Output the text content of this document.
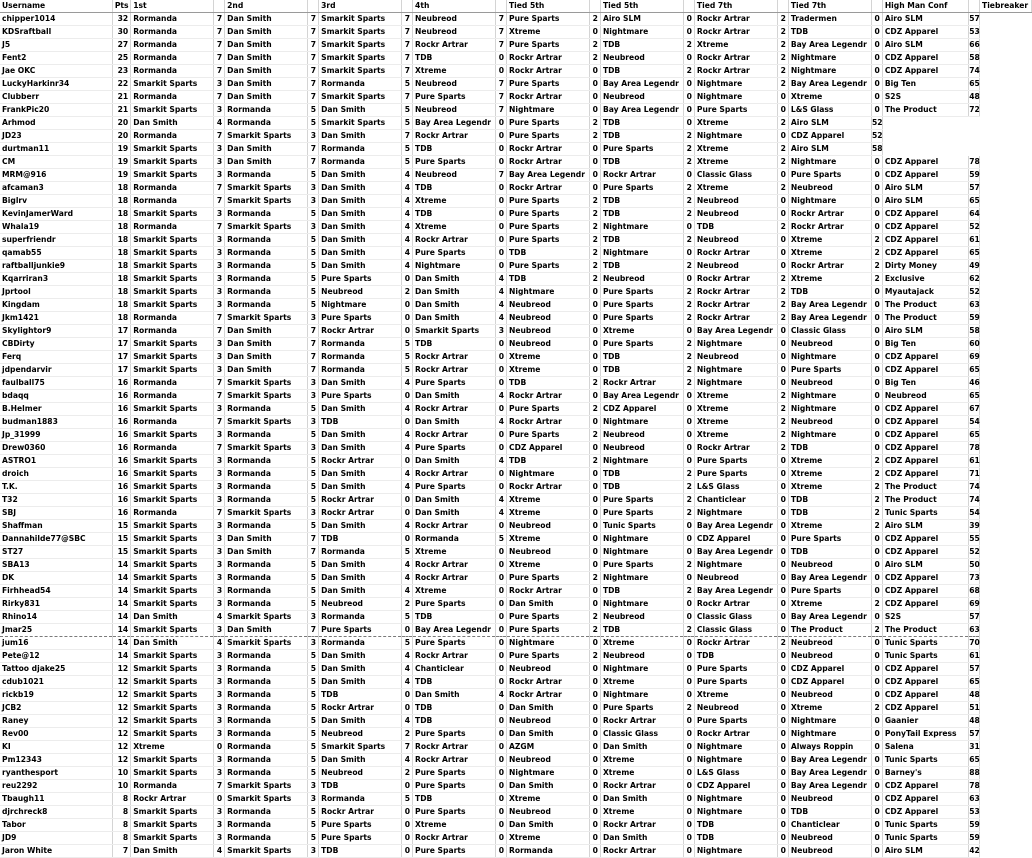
Username	Pts	1st		2nd		3rd		4th		Tied 5th		Tied 5th		Tied 7th		Tied 7th		High Man Conf		Tiebreaker
chipper1014	32	Rormanda	7	Dan Smith	7	Smarkit Sparts	7	Neubreod	7	Pure Sparts	2	Airo SLM	0	Rockr Artrar	2	Tradermen	0	Airo SLM	57	
KDSraftball	30	Rormanda	7	Dan Smith	7	Smarkit Sparts	7	Neubreod	7	Xtreme	0	Nightmare	0	Rockr Artrar	2	TDB	0	CDZ Apparel	53	
J5	27	Rormanda	7	Dan Smith	7	Smarkit Sparts	7	Rockr Artrar	7	Pure Sparts	2	TDB	2	Xtreme	2	Bay Area Legendr	0	Airo SLM	66	
Fent2	25	Rormanda	7	Dan Smith	7	Smarkit Sparts	7	TDB	0	Rockr Artrar	2	Neubreod	0	Rockr Artrar	2	Nightmare	0	CDZ Apparel	58	
Jae OKC	23	Rormanda	7	Dan Smith	7	Smarkit Sparts	7	Xtreme	0	Rockr Artrar	0	TDB	2	Rockr Artrar	2	Nightmare	0	CDZ Apparel	74	
LuckyHarkinr34	22	Smarkit Sparts	3	Dan Smith	7	Rormanda	5	Neubreod	7	Pure Sparts	0	Bay Area Legendr	0	Nightmare	2	Bay Area Legendr	0	Big Ten	65	
Clubberr	21	Rormanda	7	Dan Smith	7	Smarkit Sparts	7	Pure Sparts	7	Rockr Artrar	0	Neubreod	0	Nightmare	0	Xtreme	0	S2S	48	
FrankPic20	21	Smarkit Sparts	3	Rormanda	5	Dan Smith	5	Neubreod	7	Nightmare	0	Bay Area Legendr	0	Pure Sparts	0	L&S Glass	0	The Product	72	
Arhmod	20	Dan Smith	4	Rormanda	5	Smarkit Sparts	5	Bay Area Legendr	0	Pure Sparts	2	TDB	0	Xtreme	2	Airo SLM	52			
JD23	20	Rormanda	7	Smarkit Sparts	3	Dan Smith	7	Rockr Artrar	0	Pure Sparts	2	TDB	2	Nightmare	0	CDZ Apparel	52			
durtman11	19	Smarkit Sparts	3	Dan Smith	7	Rormanda	5	TDB	0	Rockr Artrar	0	Pure Sparts	2	Xtreme	2	Airo SLM	58			
CM	19	Smarkit Sparts	3	Dan Smith	7	Rormanda	5	Pure Sparts	0	Rockr Artrar	0	TDB	2	Xtreme	2	Nightmare	0	CDZ Apparel	78	
MRM@916	19	Smarkit Sparts	3	Rormanda	5	Dan Smith	4	Neubreod	7	Bay Area Legendr	0	Rockr Artrar	0	Classic Glass	0	Pure Sparts	0	CDZ Apparel	59	
afcaman3	18	Rormanda	7	Smarkit Sparts	3	Dan Smith	4	TDB	0	Rockr Artrar	0	Pure Sparts	2	Xtreme	2	Neubreod	0	Airo SLM	57	
Biglrv	18	Rormanda	7	Smarkit Sparts	3	Dan Smith	4	Xtreme	0	Pure Sparts	2	TDB	2	Neubreod	0	Nightmare	0	Airo SLM	65	
KevinJamerWard	18	Smarkit Sparts	3	Rormanda	5	Dan Smith	4	TDB	0	Pure Sparts	2	TDB	2	Neubreod	0	Rockr Artrar	0	CDZ Apparel	64	
Whala19	18	Rormanda	7	Smarkit Sparts	3	Dan Smith	4	Xtreme	0	Pure Sparts	2	Nightmare	0	TDB	2	Rockr Artrar	0	CDZ Apparel	52	
superfriendr	18	Smarkit Sparts	3	Rormanda	5	Dan Smith	4	Rockr Artrar	0	Pure Sparts	2	TDB	2	Neubreod	0	Xtreme	2	CDZ Apparel	61	
qamab55	18	Smarkit Sparts	3	Rormanda	5	Dan Smith	4	Pure Sparts	0	TDB	2	Nightmare	0	Rockr Artrar	0	Xtreme	2	CDZ Apparel	65	
raftballjunkie9	18	Smarkit Sparts	3	Rormanda	5	Dan Smith	4	Nightmare	0	Pure Sparts	2	TDB	2	Neubreod	0	Rockr Artrar	2	Dirty Money	49	
Kqarriran3	18	Smarkit Sparts	3	Rormanda	5	Pure Sparts	0	Dan Smith	4	TDB	2	Neubreod	0	Rockr Artrar	2	Xtreme	2	Exclusive	62	
Jprtool	18	Smarkit Sparts	3	Rormanda	5	Neubreod	2	Dan Smith	4	Nightmare	0	Pure Sparts	2	Rockr Artrar	2	TDB	0	Myautajack	52	
Kingdam	18	Smarkit Sparts	3	Rormanda	5	Nightmare	0	Dan Smith	4	Neubreod	0	Pure Sparts	2	Rockr Artrar	2	Bay Area Legendr	0	The Product	63	
Jkm1421	18	Rormanda	7	Smarkit Sparts	3	Pure Sparts	0	Dan Smith	4	Neubreod	0	Pure Sparts	2	Rockr Artrar	2	Bay Area Legendr	0	The Product	59	
Skylightor9	17	Rormanda	7	Dan Smith	7	Rockr Artrar	0	Smarkit Sparts	3	Neubreod	0	Xtreme	0	Bay Area Legendr	0	Classic Glass	0	Airo SLM	58	
CBDirty	17	Smarkit Sparts	3	Dan Smith	7	Rormanda	5	TDB	0	Neubreod	0	Pure Sparts	2	Nightmare	0	Neubreod	0	Big Ten	60	
Ferq	17	Smarkit Sparts	3	Dan Smith	7	Rormanda	5	Rockr Artrar	0	Xtreme	0	TDB	2	Neubreod	0	Nightmare	0	CDZ Apparel	69	
jdpendarvir	17	Smarkit Sparts	3	Dan Smith	7	Rormanda	5	Rockr Artrar	0	Xtreme	0	TDB	2	Nightmare	0	Pure Sparts	0	CDZ Apparel	65	
faulball75	16	Rormanda	7	Smarkit Sparts	3	Dan Smith	4	Pure Sparts	0	TDB	2	Rockr Artrar	2	Nightmare	0	Neubreod	0	Big Ten	46	
bdaqq	16	Rormanda	7	Smarkit Sparts	3	Pure Sparts	0	Dan Smith	4	Rockr Artrar	0	Bay Area Legendr	0	Xtreme	2	Nightmare	0	Neubreod	65	
B.Helmer	16	Smarkit Sparts	3	Rormanda	5	Dan Smith	4	Rockr Artrar	0	Pure Sparts	2	CDZ Apparel	0	Xtreme	2	Nightmare	0	CDZ Apparel	67	
budman1883	16	Rormanda	7	Smarkit Sparts	3	TDB	0	Dan Smith	4	Rockr Artrar	0	Nightmare	0	Xtreme	2	Neubreod	0	CDZ Apparel	54	
Jp_31999	16	Smarkit Sparts	3	Rormanda	5	Dan Smith	4	Rockr Artrar	0	Pure Sparts	2	Neubreod	0	Xtreme	2	Nightmare	0	CDZ Apparel	65	
Drew0360	16	Rormanda	7	Smarkit Sparts	3	Dan Smith	4	Pure Sparts	0	CDZ Apparel	0	Neubreod	0	Rockr Artrar	2	TDB	0	CDZ Apparel	78	
ASTRO1	16	Smarkit Sparts	3	Rormanda	5	Rockr Artrar	0	Dan Smith	4	TDB	2	Nightmare	0	Pure Sparts	0	Xtreme	2	CDZ Apparel	61	
droich	16	Smarkit Sparts	3	Rormanda	5	Dan Smith	4	Rockr Artrar	0	Nightmare	0	TDB	2	Pure Sparts	0	Xtreme	2	CDZ Apparel	71	
T.K.	16	Smarkit Sparts	3	Rormanda	5	Dan Smith	4	Pure Sparts	0	Rockr Artrar	0	TDB	2	L&S Glass	0	Xtreme	2	The Product	74	
T32	16	Smarkit Sparts	3	Rormanda	5	Rockr Artrar	0	Dan Smith	4	Xtreme	0	Pure Sparts	2	Chanticlear	0	TDB	2	The Product	74	
SBJ	16	Rormanda	7	Smarkit Sparts	3	Rockr Artrar	0	Dan Smith	4	Xtreme	0	Pure Sparts	2	Nightmare	0	TDB	2	Tunic Sparts	54	
Shaffman	15	Smarkit Sparts	3	Rormanda	5	Dan Smith	4	Rockr Artrar	0	Neubreod	0	Tunic Sparts	0	Bay Area Legendr	0	Xtreme	2	Airo SLM	39	
Dannahilde77@SBC	15	Smarkit Sparts	3	Dan Smith	7	TDB	0	Rormanda	5	Xtreme	0	Nightmare	0	CDZ Apparel	0	Pure Sparts	0	CDZ Apparel	55	
ST27	15	Smarkit Sparts	3	Dan Smith	7	Rormanda	5	Xtreme	0	Neubreod	0	Nightmare	0	Bay Area Legendr	0	TDB	0	CDZ Apparel	52	
SBA13	14	Smarkit Sparts	3	Rormanda	5	Dan Smith	4	Rockr Artrar	0	Xtreme	0	Pure Sparts	2	Nightmare	0	Neubreod	0	Airo SLM	50	
DK	14	Smarkit Sparts	3	Rormanda	5	Dan Smith	4	Rockr Artrar	0	Pure Sparts	2	Nightmare	0	Neubreod	0	Bay Area Legendr	0	CDZ Apparel	73	
Firhhead54	14	Smarkit Sparts	3	Rormanda	5	Dan Smith	4	Xtreme	0	Rockr Artrar	0	TDB	2	Bay Area Legendr	0	Pure Sparts	0	CDZ Apparel	68	
Rirky831	14	Smarkit Sparts	3	Rormanda	5	Neubreod	2	Pure Sparts	0	Dan Smith	0	Nightmare	0	Rockr Artrar	0	Xtreme	2	CDZ Apparel	69	
Rhino14	14	Dan Smith	4	Smarkit Sparts	3	Rormanda	5	TDB	0	Pure Sparts	2	Neubreod	0	Classic Glass	0	Bay Area Legendr	0	S2S	57	
Jmar25	14	Smarkit Sparts	3	Dan Smith	7	Pure Sparts	0	Bay Area Legendr	0	Pure Sparts	2	TDB	2	Classic Glass	0	The Product	2	The Product	63	
jum16	14	Dan Smith	4	Smarkit Sparts	3	Rormanda	5	Pure Sparts	0	Nightmare	0	Xtreme	0	Rockr Artrar	2	Neubreod	0	Tunic Sparts	70	
Pete@12	14	Smarkit Sparts	3	Rormanda	5	Dan Smith	4	Rockr Artrar	0	Pure Sparts	2	Neubreod	0	TDB	0	Neubreod	0	Tunic Sparts	61	
Tattoo djake25	12	Smarkit Sparts	3	Rormanda	5	Dan Smith	4	Chanticlear	0	Neubreod	0	Nightmare	0	Pure Sparts	0	CDZ Apparel	0	CDZ Apparel	57	
cdub1021	12	Smarkit Sparts	3	Rormanda	5	Dan Smith	4	TDB	0	Rockr Artrar	0	Xtreme	0	Pure Sparts	0	CDZ Apparel	0	CDZ Apparel	65	
rickb19	12	Smarkit Sparts	3	Rormanda	5	TDB	0	Dan Smith	4	Rockr Artrar	0	Nightmare	0	Xtreme	0	Neubreod	0	CDZ Apparel	48	
JCB2	12	Smarkit Sparts	3	Rormanda	5	Rockr Artrar	0	TDB	0	Dan Smith	0	Pure Sparts	2	Neubreod	0	Xtreme	2	CDZ Apparel	51	
Raney	12	Smarkit Sparts	3	Rormanda	5	Dan Smith	4	TDB	0	Neubreod	0	Rockr Artrar	0	Pure Sparts	0	Nightmare	0	Gaanier	48	
Rev00	12	Smarkit Sparts	3	Rormanda	5	Neubreod	2	Pure Sparts	0	Dan Smith	0	Classic Glass	0	Rockr Artrar	0	Nightmare	0	PonyTail Express	57	
KI	12	Xtreme	0	Rormanda	5	Smarkit Sparts	7	Rockr Artrar	0	AZGM	0	Dan Smith	0	Nightmare	0	Always Roppin	0	Salena	31	
Pm12343	12	Smarkit Sparts	3	Rormanda	5	Dan Smith	4	Rockr Artrar	0	Neubreod	0	Xtreme	0	Nightmare	0	Bay Area Legendr	0	Tunic Sparts	65	
ryanthesport	10	Smarkit Sparts	3	Rormanda	5	Neubreod	2	Pure Sparts	0	Nightmare	0	Xtreme	0	L&S Glass	0	Bay Area Legendr	0	Barney's	88	
reu2292	10	Rormanda	7	Smarkit Sparts	3	TDB	0	Pure Sparts	0	Dan Smith	0	Rockr Artrar	0	CDZ Apparel	0	Bay Area Legendr	0	CDZ Apparel	78	
Tbaugh11	8	Rockr Artrar	0	Smarkit Sparts	3	Rormanda	5	TDB	0	Xtreme	0	Dan Smith	0	Nightmare	0	Neubreod	0	CDZ Apparel	63	
djrchreck8	8	Smarkit Sparts	3	Rormanda	5	Rockr Artrar	0	Pure Sparts	0	Neubreod	0	Xtreme	0	Nightmare	0	TDB	0	CDZ Apparel	53	
Tabor	8	Smarkit Sparts	3	Rormanda	5	Pure Sparts	0	Xtreme	0	Dan Smith	0	Rockr Artrar	0	TDB	0	Chanticlear	0	Tunic Sparts	59	
JD9	8	Smarkit Sparts	3	Rormanda	5	Pure Sparts	0	Rockr Artrar	0	Xtreme	0	Dan Smith	0	TDB	0	Neubreod	0	Tunic Sparts	59	
Jaron White	7	Dan Smith	4	Smarkit Sparts	3	TDB	0	Pure Sparts	0	Rormanda	0	Rockr Artrar	0	Nightmare	0	Neubreod	0	Airo SLM	42	
